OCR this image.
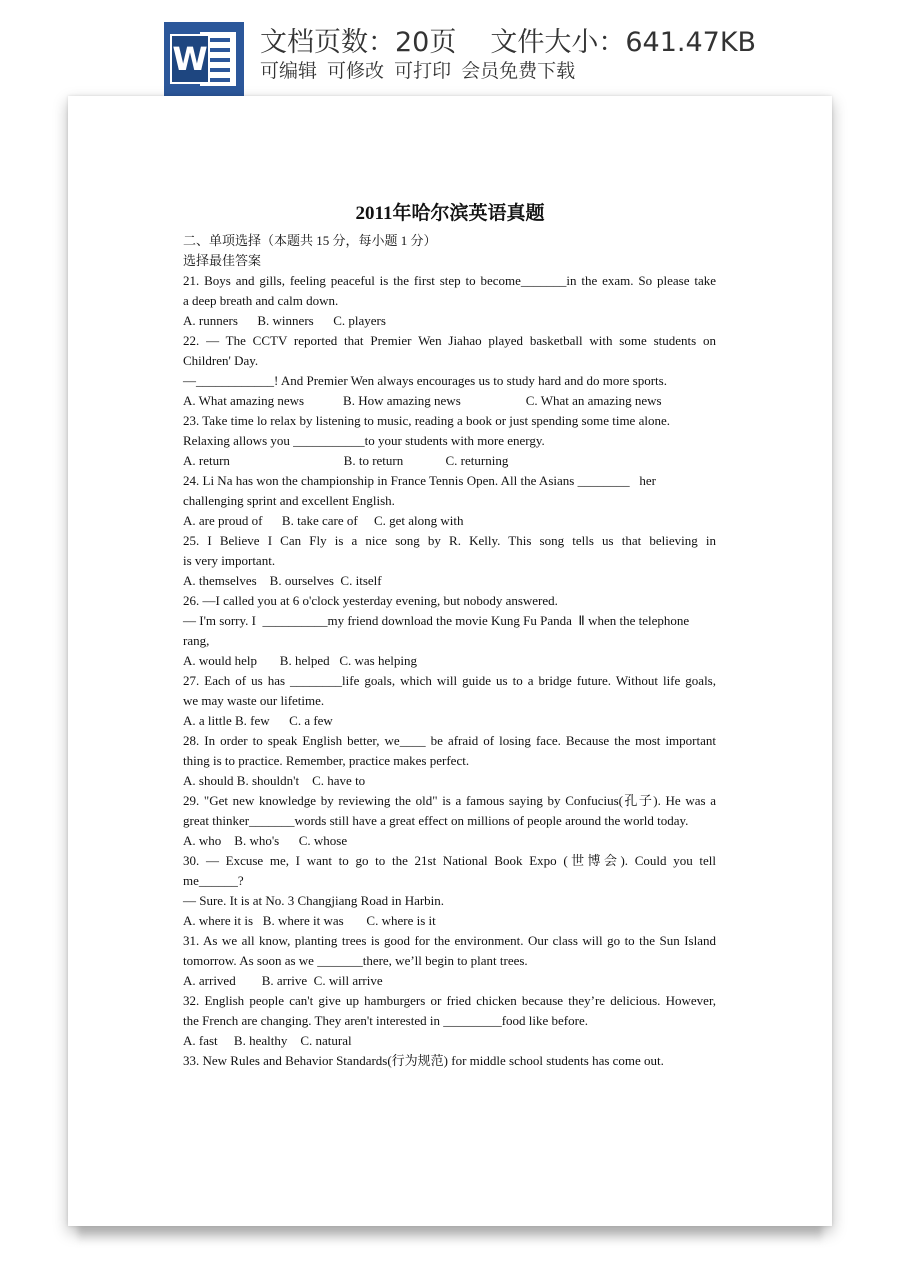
W 文档页数：20页 文件大小：641.47KB
可编辑 可修改 可打印 会员免费下载
2011年哈尔滨英语真题
二、单项选择（本题共 15 分，每小题 1 分）
选择最佳答案
21. Boys and gills, feeling peaceful is the first step to become_______in the exam. So please take
a deep breath and calm down.
A. runners      B. winners      C. players
22. — The CCTV reported that Premier Wen Jiahao played basketball with some students on
Children' Day.
—____________! And Premier Wen always encourages us to study hard and do more sports.
A. What amazing news            B. How amazing news                    C. What an amazing news
23. Take time lo relax by listening to music, reading a book or just spending some time alone.
Relaxing allows you ___________to your students with more energy.
A. return                                   B. to return             C. returning
24. Li Na has won the championship in France Tennis Open. All the Asians ________   her
challenging sprint and excellent English.
A. are proud of      B. take care of     C. get along with
25. I Believe I Can Fly is a nice song by R. Kelly. This song tells us that believing in
is very important.
A. themselves    B. ourselves  C. itself
26. —I called you at 6 o'clock yesterday evening, but nobody answered.
— I'm sorry. I  __________my friend download the movie Kung Fu Panda  Ⅱ when the telephone
rang,
A. would help       B. helped   C. was helping
27. Each of us has ________life goals, which will guide us to a bridge future. Without life goals,
we may waste our lifetime.
A. a little B. few      C. a few
28. In order to speak English better, we____ be afraid of losing face. Because the most important
thing is to practice. Remember, practice makes perfect.
A. should B. shouldn't    C. have to
29. "Get new knowledge by reviewing the old" is a famous saying by Confucius(孔子). He was a
great thinker_______words still have a great effect on millions of people around the world today.
A. who    B. who's      C. whose
30. — Excuse me, I want to go to the 21st National Book Expo (世博会). Could you tell
me______?
— Sure. It is at No. 3 Changjiang Road in Harbin.
A. where it is   B. where it was       C. where is it
31. As we all know, planting trees is good for the environment. Our class will go to the Sun Island
tomorrow. As soon as we _______there, we’ll begin to plant trees.
A. arrived        B. arrive  C. will arrive
32. English people can't give up hamburgers or fried chicken because they’re delicious. However,
the French are changing. They aren't interested in _________food like before.
A. fast     B. healthy    C. natural
33. New Rules and Behavior Standards(行为规范) for middle school students has come out.
